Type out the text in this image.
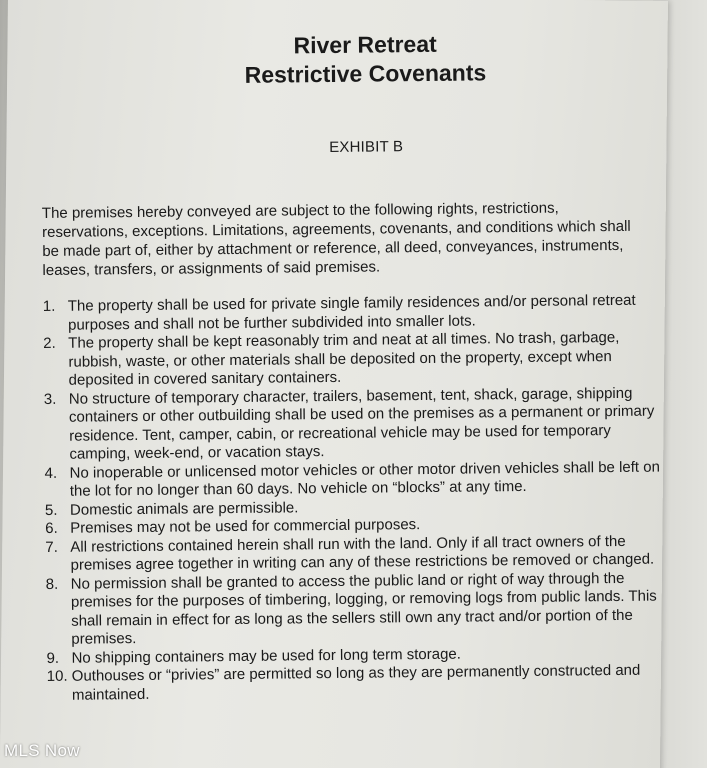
River Retreat
Restrictive Covenants

EXHIBIT B

The premises hereby conveyed are subject to the following rights, restrictions, reservations, exceptions. Limitations, agreements, covenants, and conditions which shall be made part of, either by attachment or reference, all deed, conveyances, instruments, leases, transfers, or assignments of said premises.

1. The property shall be used for private single family residences and/or personal retreat purposes and shall not be further subdivided into smaller lots.
2. The property shall be kept reasonably trim and neat at all times. No trash, garbage, rubbish, waste, or other materials shall be deposited on the property, except when deposited in covered sanitary containers.
3. No structure of temporary character, trailers, basement, tent, shack, garage, shipping containers or other outbuilding shall be used on the premises as a permanent or primary residence. Tent, camper, cabin, or recreational vehicle may be used for temporary camping, week-end, or vacation stays.
4. No inoperable or unlicensed motor vehicles or other motor driven vehicles shall be left on the lot for no longer than 60 days. No vehicle on “blocks” at any time.
5. Domestic animals are permissible.
6. Premises may not be used for commercial purposes.
7. All restrictions contained herein shall run with the land. Only if all tract owners of the premises agree together in writing can any of these restrictions be removed or changed.
8. No permission shall be granted to access the public land or right of way through the premises for the purposes of timbering, logging, or removing logs from public lands. This shall remain in effect for as long as the sellers still own any tract and/or portion of the premises.
9. No shipping containers may be used for long term storage.
10. Outhouses or “privies” are permitted so long as they are permanently constructed and maintained.
MLS Now
